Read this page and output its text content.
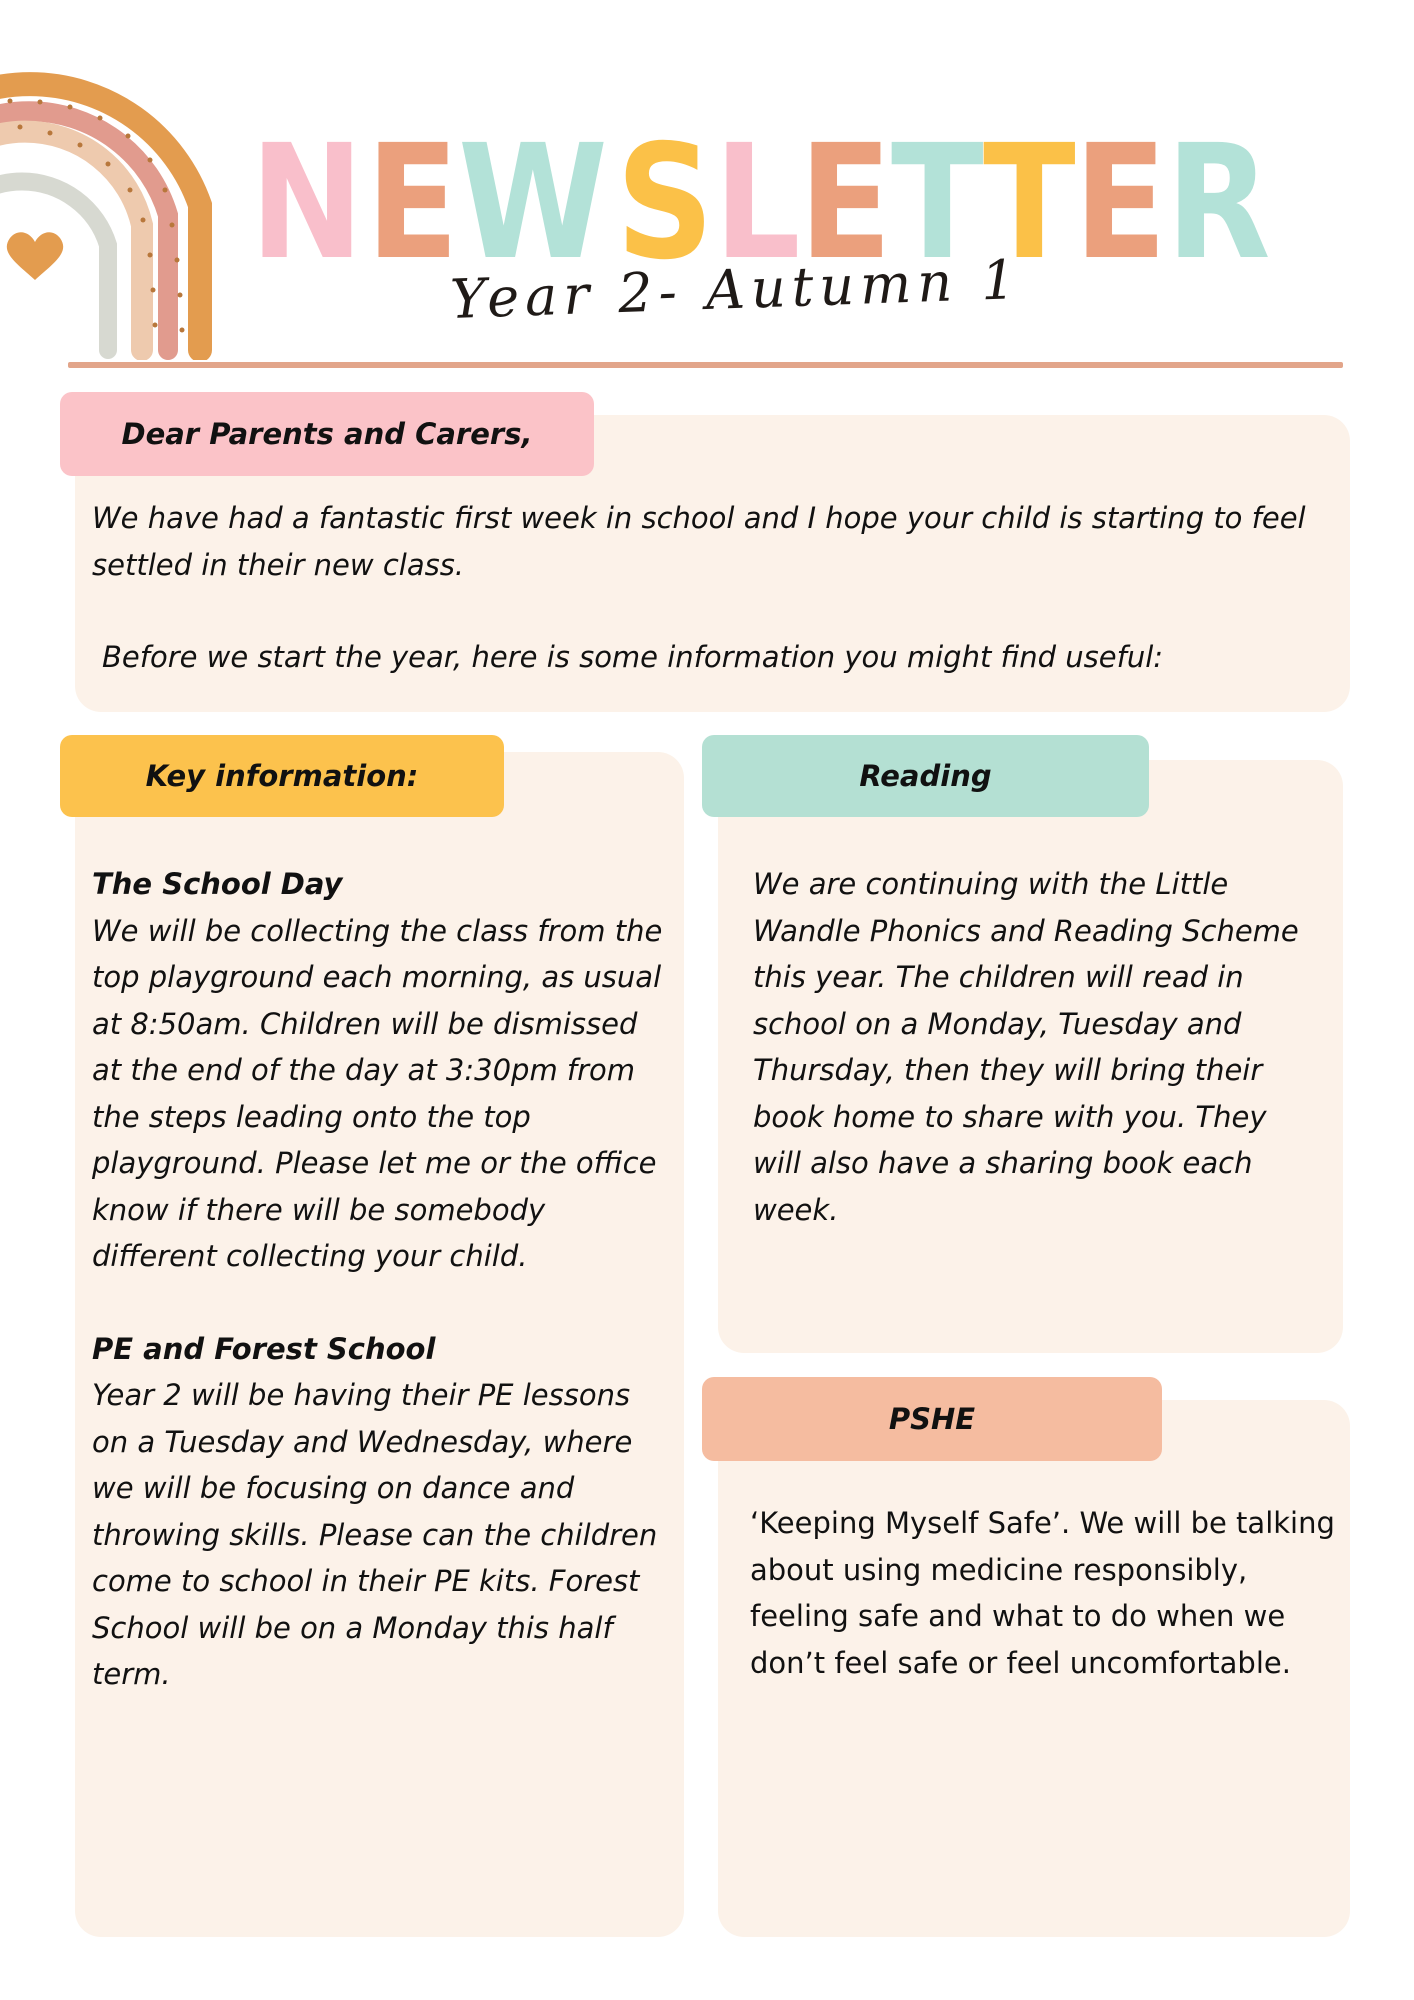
N E
W S
L
E
T
T
E
R
Year 2- Autumn 1
Dear Parents and Carers,

We have had a fantastic first week in school and I hope your child is starting to feel settled in their new class.

Before we start the year, here is some information you might find useful:

Key information:

The School Day

We will be collecting the class from the top playground each morning, as usual at 8:50am. Children will be dismissed at the end of the day at 3:30pm from the steps leading onto the top playground. Please let me or the office know if there will be somebody different collecting your child.

PE and Forest School

Year 2 will be having their PE lessons on a Tuesday and Wednesday, where we will be focusing on dance and throwing skills. Please can the children come to school in their PE kits. Forest School will be on a Monday this half term.

Reading

We are continuing with the Little Wandle Phonics and Reading Scheme this year. The children will read in school on a Monday, Tuesday and Thursday, then they will bring their book home to share with you. They will also have a sharing book each week.

PSHE

‘Keeping Myself Safe’. We will be talking about using medicine responsibly, feeling safe and what to do when we don’t feel safe or feel uncomfortable.
